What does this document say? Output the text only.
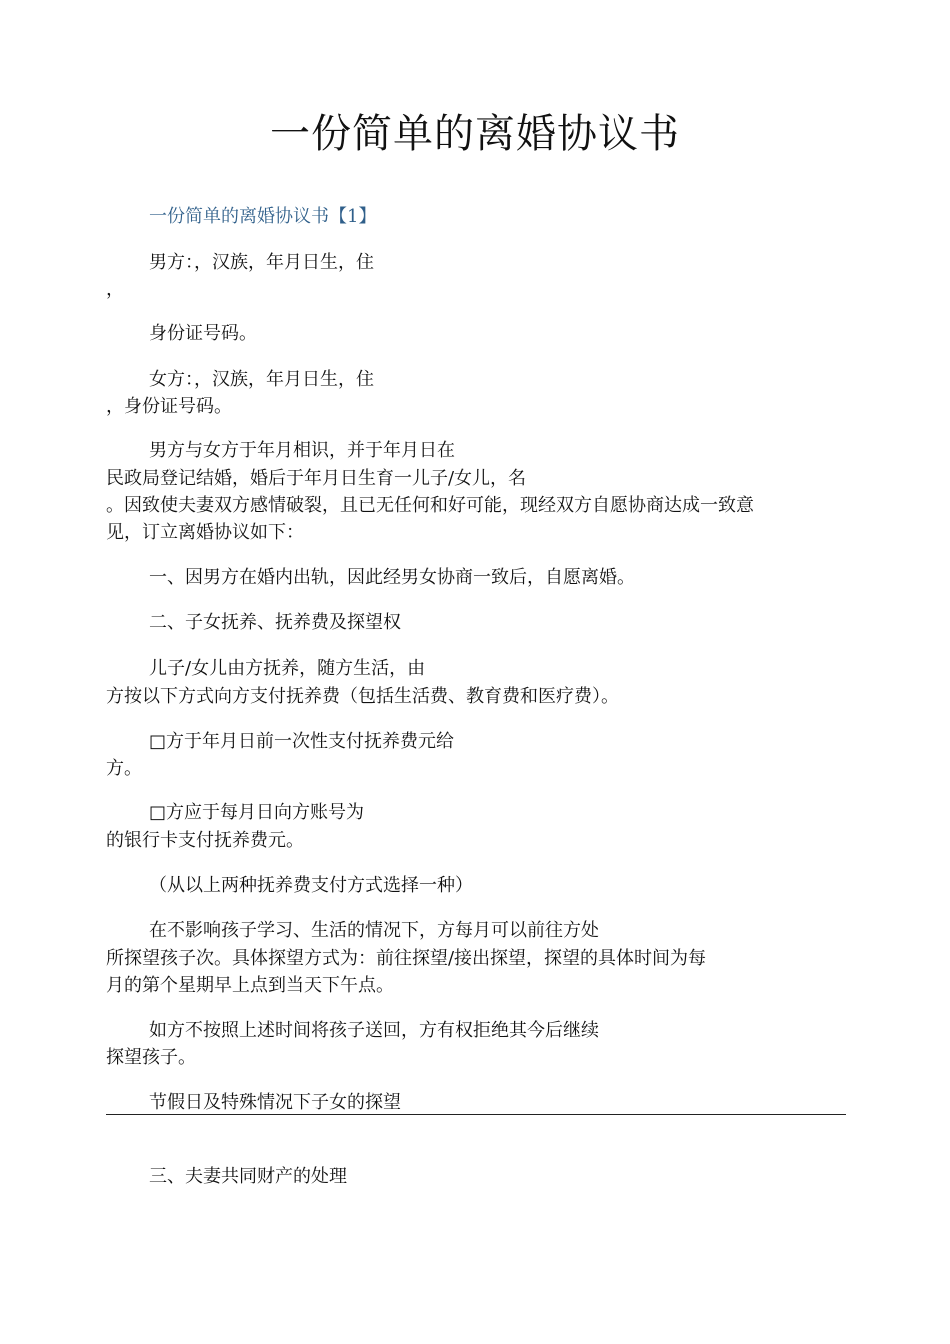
一份简单的离婚协议书
一份简单的离婚协议书【1】
男方：，汉族，年月日生，住
，
身份证号码。
女方：，汉族，年月日生，住
，身份证号码。
男方与女方于年月相识，并于年月日在
民政局登记结婚，婚后于年月日生育一儿子/女儿，名
。因致使夫妻双方感情破裂，且已无任何和好可能，现经双方自愿协商达成一致意
见，订立离婚协议如下：
一、因男方在婚内出轨，因此经男女协商一致后，自愿离婚。
二、子女抚养、抚养费及探望权
儿子/女儿由方抚养，随方生活，由
方按以下方式向方支付抚养费（包括生活费、教育费和医疗费）。
□方于年月日前一次性支付抚养费元给
方。
□方应于每月日向方账号为
的银行卡支付抚养费元。
（从以上两种抚养费支付方式选择一种）
在不影响孩子学习、生活的情况下，方每月可以前往方处
所探望孩子次。具体探望方式为：前往探望/接出探望，探望的具体时间为每
月的第个星期早上点到当天下午点。
如方不按照上述时间将孩子送回，方有权拒绝其今后继续
探望孩子。
节假日及特殊情况下子女的探望
三、夫妻共同财产的处理
